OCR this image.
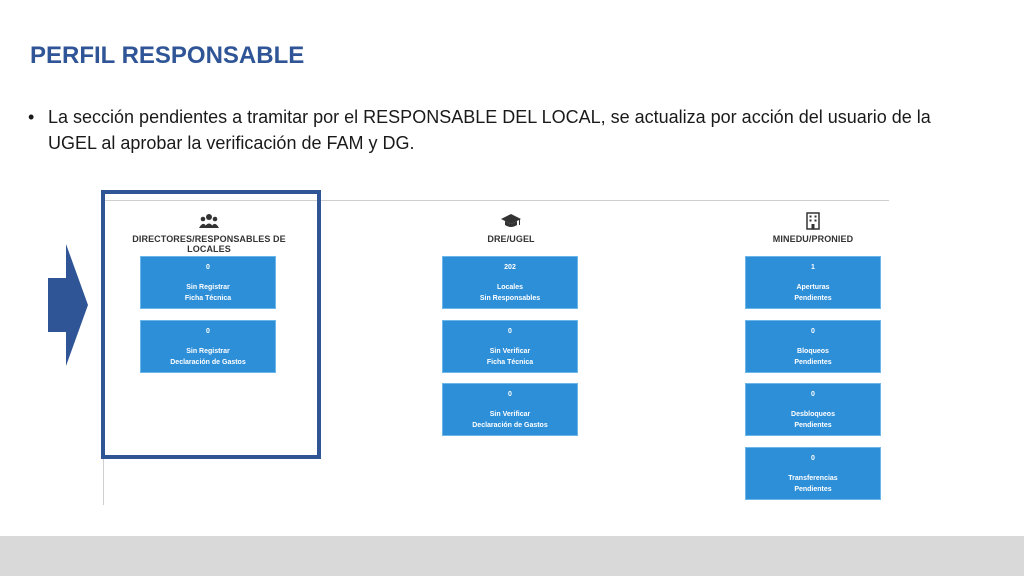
PERFIL RESPONSABLE
• La sección pendientes a tramitar por el RESPONSABLE DEL LOCAL, se actualiza por acción del usuario de la UGEL al aprobar la verificación de FAM y DG.
DIRECTORES/RESPONSABLES DE LOCALES
DRE/UGEL	MINEDU/PRONIED
0
Sin Registrar
Ficha Técnica
0
Sin Registrar
Declaración de Gastos
202
Locales
Sin Responsables
0
Sin Verificar
Ficha Técnica
0
Sin Verificar
Declaración de Gastos
1
Aperturas
Pendientes
0
Bloqueos
Pendientes
0
Desbloqueos
Pendientes
0
Transferencias
Pendientes
